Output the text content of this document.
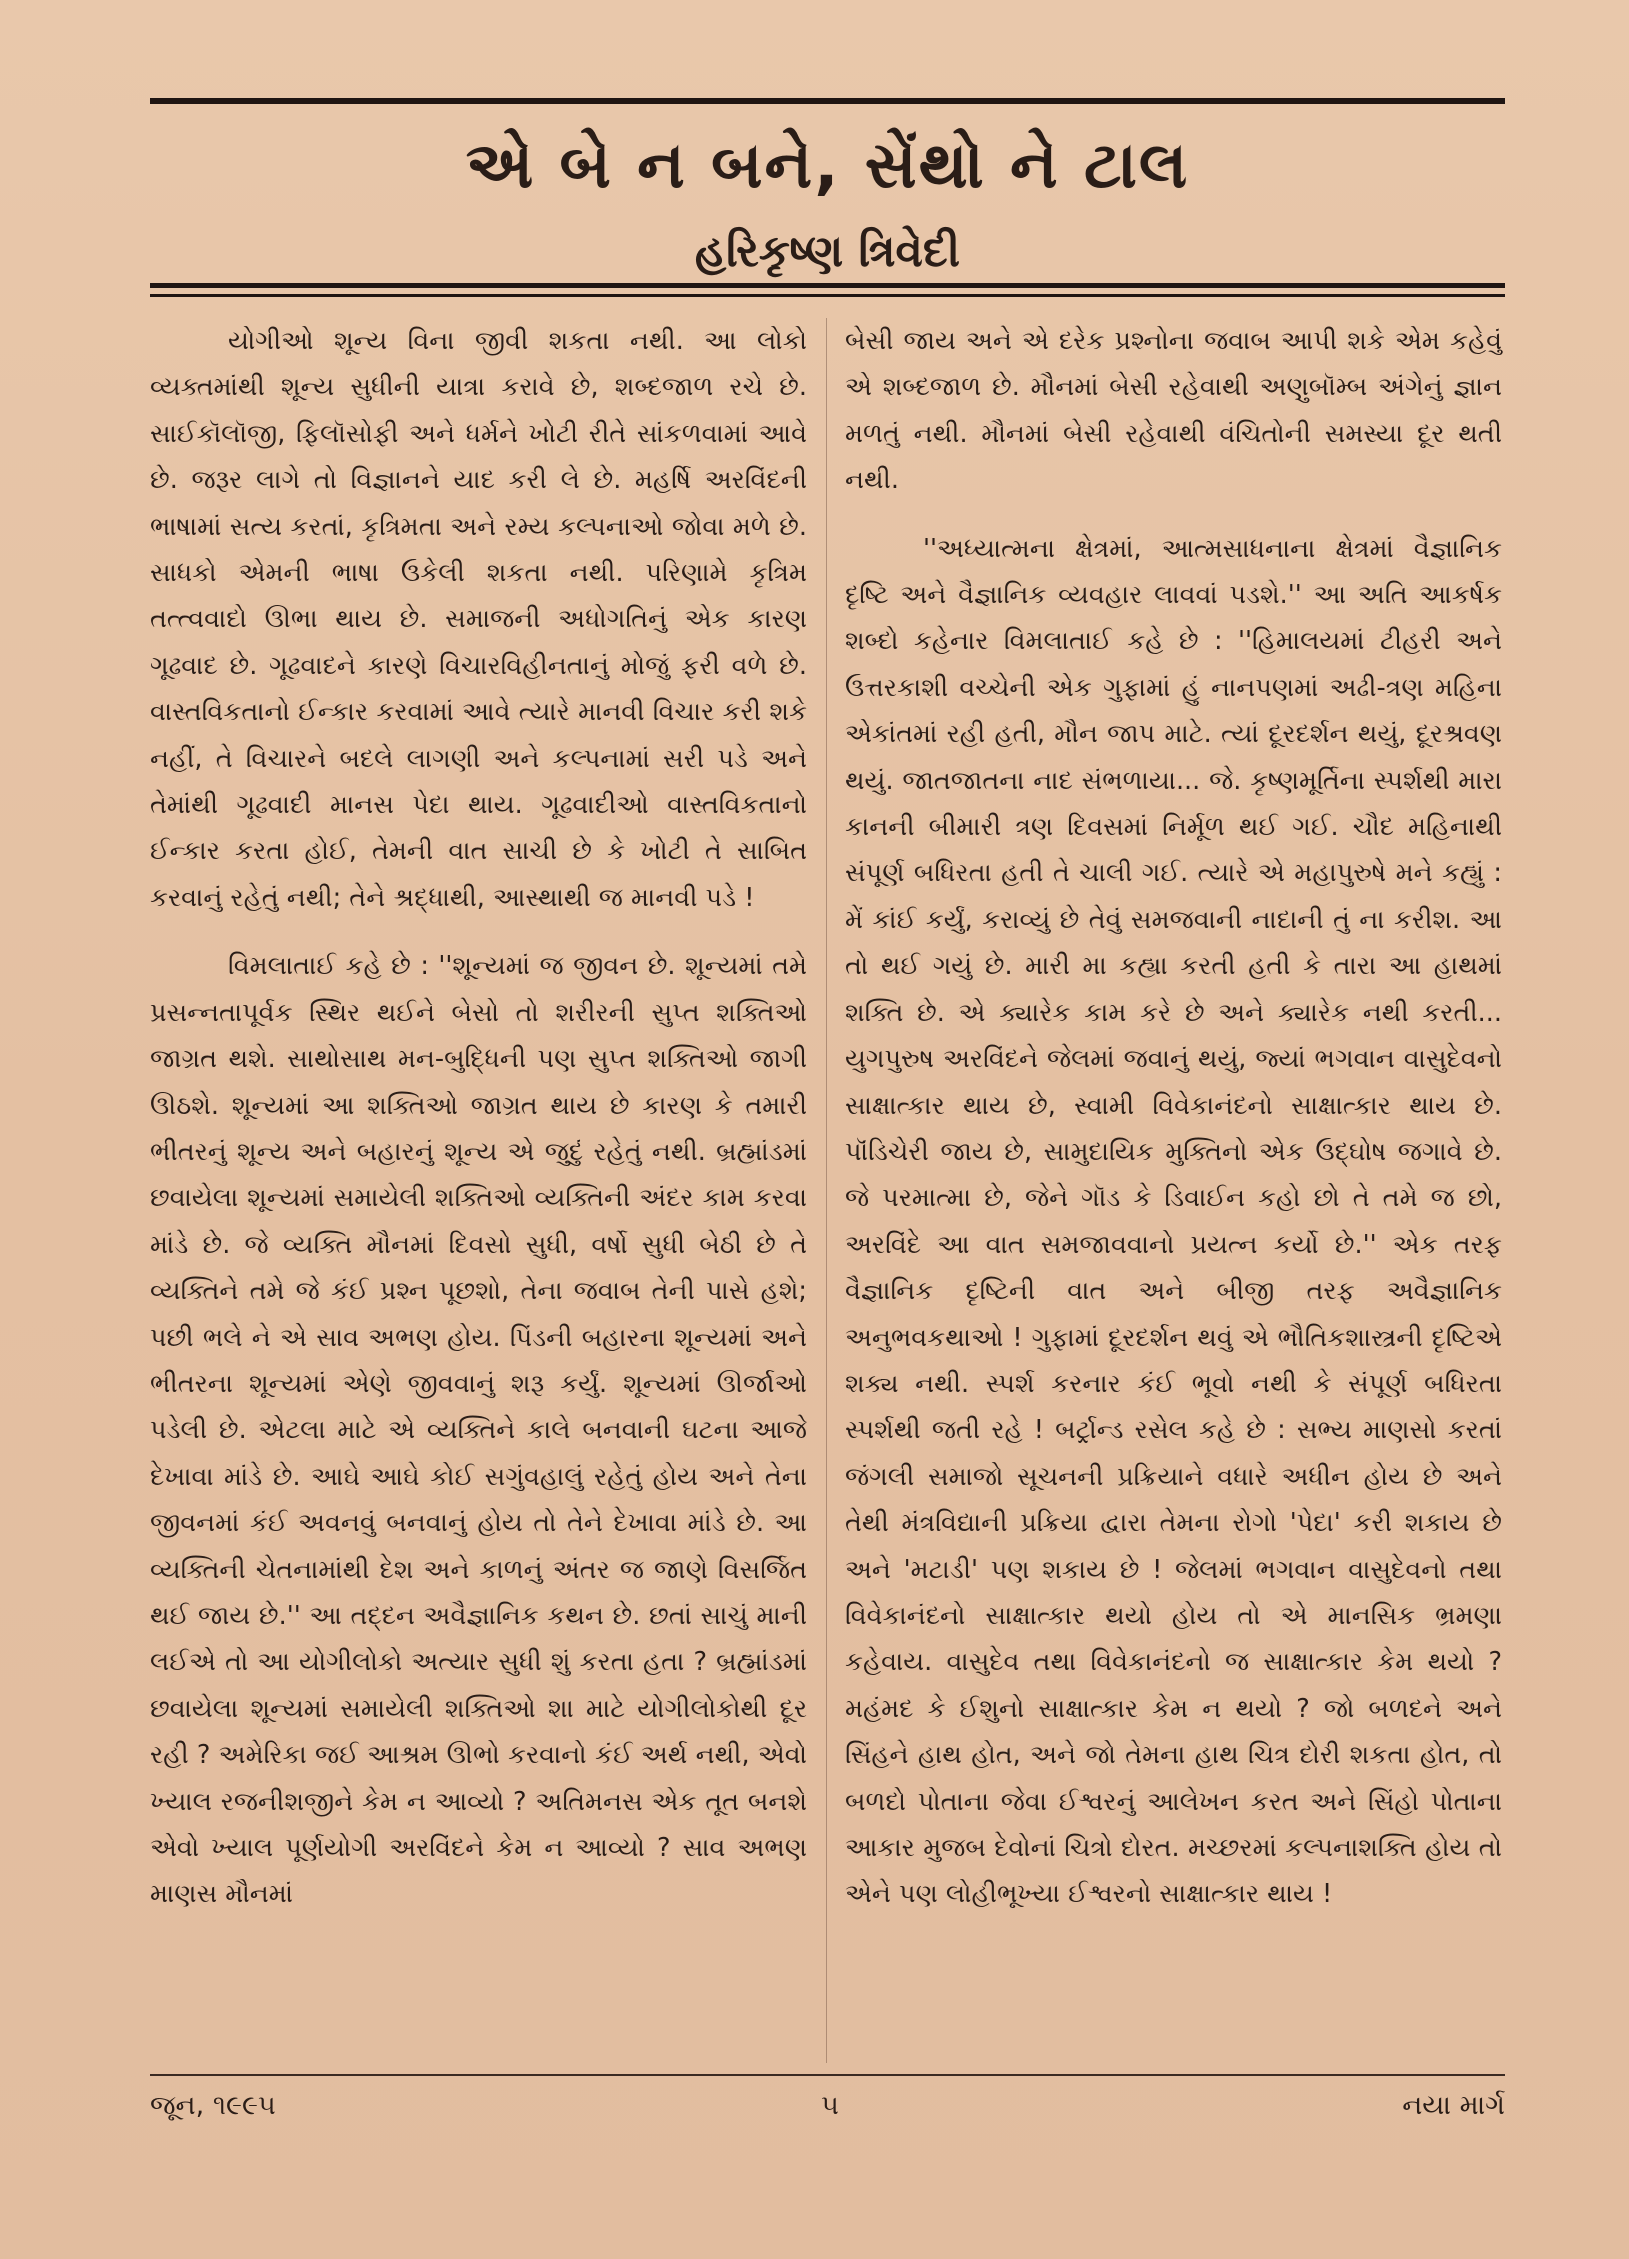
એ બે ન બને, સેંથો ને ટાલ
હરિકૃષ્ણ ત્રિવેદી

યોગીઓ શૂન્ય વિના જીવી શકતા નથી. આ લોકો વ્યક્તમાંથી શૂન્ય સુધીની યાત્રા કરાવે છે, શબ્દજાળ રચે છે. સાઈકૉલૉજી, ફિલૉસોફી અને ધર્મને ખોટી રીતે સાંકળવામાં આવે છે. જરૂર લાગે તો વિજ્ઞાનને યાદ કરી લે છે. મહર્ષિ અરવિંદની ભાષામાં સત્ય કરતાં, કૃત્રિમતા અને રમ્ય કલ્પનાઓ જોવા મળે છે. સાધકો એમની ભાષા ઉકેલી શકતા નથી. પરિણામે કૃત્રિમ તત્ત્વવાદો ઊભા થાય છે. સમાજની અધોગતિનું એક કારણ ગૂઢવાદ છે. ગૂઢવાદને કારણે વિચારવિહીનતાનું મોજું ફરી વળે છે. વાસ્તવિકતાનો ઈન્કાર કરવામાં આવે ત્યારે માનવી વિચાર કરી શકે નહીં, તે વિચારને બદલે લાગણી અને કલ્પનામાં સરી પડે અને તેમાંથી ગૂઢવાદી માનસ પેદા થાય. ગૂઢવાદીઓ વાસ્તવિકતાનો ઈન્કાર કરતા હોઈ, તેમની વાત સાચી છે કે ખોટી તે સાબિત કરવાનું રહેતું નથી; તેને શ્રદ્ધાથી, આસ્થાથી જ માનવી પડે !

વિમલાતાઈ કહે છે : ''શૂન્યમાં જ જીવન છે. શૂન્યમાં તમે પ્રસન્નતાપૂર્વક સ્થિર થઈને બેસો તો શરીરની સુપ્ત શક્તિઓ જાગ્રત થશે. સાથોસાથ મન-બુદ્ધિની પણ સુપ્ત શક્તિઓ જાગી ઊઠશે. શૂન્યમાં આ શક્તિઓ જાગ્રત થાય છે કારણ કે તમારી ભીતરનું શૂન્ય અને બહારનું શૂન્ય એ જુદું રહેતું નથી. બ્રહ્માંડમાં છવાયેલા શૂન્યમાં સમાયેલી શક્તિઓ વ્યક્તિની અંદર કામ કરવા માંડે છે. જે વ્યક્તિ મૌનમાં દિવસો સુધી, વર્ષો સુધી બેઠી છે તે વ્યક્તિને તમે જે કંઈ પ્રશ્ન પૂછશો, તેના જવાબ તેની પાસે હશે; પછી ભલે ને એ સાવ અભણ હોય. પિંડની બહારના શૂન્યમાં અને ભીતરના શૂન્યમાં એણે જીવવાનું શરૂ કર્યું. શૂન્યમાં ઊર્જાઓ પડેલી છે. એટલા માટે એ વ્યક્તિને કાલે બનવાની ઘટના આજે દેખાવા માંડે છે. આઘે આઘે કોઈ સગુંવહાલું રહેતું હોય અને તેના જીવનમાં કંઈ અવનવું બનવાનું હોય તો તેને દેખાવા માંડે છે. આ વ્યક્તિની ચેતનામાંથી દેશ અને કાળનું અંતર જ જાણે વિસર્જિત થઈ જાય છે.'' આ તદ્દન અવૈજ્ઞાનિક કથન છે. છતાં સાચું માની લઈએ તો આ યોગીલોકો અત્યાર સુધી શું કરતા હતા ? બ્રહ્માંડમાં છવાયેલા શૂન્યમાં સમાયેલી શક્તિઓ શા માટે યોગીલોકોથી દૂર રહી ? અમેરિકા જઈ આશ્રમ ઊભો કરવાનો કંઈ અર્થ નથી, એવો ખ્યાલ રજનીશજીને કેમ ન આવ્યો ? અતિમનસ એક તૂત બનશે એવો ખ્યાલ પૂર્ણયોગી અરવિંદને કેમ ન આવ્યો ? સાવ અભણ માણસ મૌનમાં

બેસી જાય અને એ દરેક પ્રશ્નોના જવાબ આપી શકે એમ કહેવું એ શબ્દજાળ છે. મૌનમાં બેસી રહેવાથી અણુબૉમ્બ અંગેનું જ્ઞાન મળતું નથી. મૌનમાં બેસી રહેવાથી વંચિતોની સમસ્યા દૂર થતી નથી.

''અધ્યાત્મના ક્ષેત્રમાં, આત્મસાધનાના ક્ષેત્રમાં વૈજ્ઞાનિક દૃષ્ટિ અને વૈજ્ઞાનિક વ્યવહાર લાવવાં પડશે.'' આ અતિ આકર્ષક શબ્દો કહેનાર વિમલાતાઈ કહે છે : ''હિમાલયમાં ટીહરી અને ઉત્તરકાશી વચ્ચેની એક ગુફામાં હું નાનપણમાં અઢી-ત્રણ મહિના એકાંતમાં રહી હતી, મૌન જાપ માટે. ત્યાં દૂરદર્શન થયું, દૂરશ્રવણ થયું. જાતજાતના નાદ સંભળાયા... જે. કૃષ્ણમૂર્તિના સ્પર્શથી મારા કાનની બીમારી ત્રણ દિવસમાં નિર્મૂળ થઈ ગઈ. ચૌદ મહિનાથી સંપૂર્ણ બધિરતા હતી તે ચાલી ગઈ. ત્યારે એ મહાપુરુષે મને કહ્યું : મેં કાંઈ કર્યું, કરાવ્યું છે તેવું સમજવાની નાદાની તું ના કરીશ. આ તો થઈ ગયું છે. મારી મા કહ્યા કરતી હતી કે તારા આ હાથમાં શક્તિ છે. એ ક્યારેક કામ કરે છે અને ક્યારેક નથી કરતી... યુગપુરુષ અરવિંદને જેલમાં જવાનું થયું, જ્યાં ભગવાન વાસુદેવનો સાક્ષાત્કાર થાય છે, સ્વામી વિવેકાનંદનો સાક્ષાત્કાર થાય છે. પૉંડિચેરી જાય છે, સામુદાયિક મુક્તિનો એક ઉદ્‌ઘોષ જગાવે છે. જે પરમાત્મા છે, જેને ગૉડ કે ડિવાઈન કહો છો તે તમે જ છો, અરવિંદે આ વાત સમજાવવાનો પ્રયત્ન કર્યો છે.'' એક તરફ વૈજ્ઞાનિક દૃષ્ટિની વાત અને બીજી તરફ અવૈજ્ઞાનિક અનુભવકથાઓ ! ગુફામાં દૂરદર્શન થવું એ ભૌતિકશાસ્ત્રની દૃષ્ટિએ શક્ય નથી. સ્પર્શ કરનાર કંઈ ભૂવો નથી કે સંપૂર્ણ બધિરતા સ્પર્શથી જતી રહે ! બર્ટ્રાન્ડ રસેલ કહે છે : સભ્ય માણસો કરતાં જંગલી સમાજો સૂચનની પ્રક્રિયાને વધારે અધીન હોય છે અને તેથી મંત્રવિદ્યાની પ્રક્રિયા દ્વારા તેમના રોગો 'પેદા' કરી શકાય છે અને 'મટાડી' પણ શકાય છે ! જેલમાં ભગવાન વાસુદેવનો તથા વિવેકાનંદનો સાક્ષાત્કાર થયો હોય તો એ માનસિક ભ્રમણા કહેવાય. વાસુદેવ તથા વિવેકાનંદનો જ સાક્ષાત્કાર કેમ થયો ? મહંમદ કે ઈશુનો સાક્ષાત્કાર કેમ ન થયો ? જો બળદને અને સિંહને હાથ હોત, અને જો તેમના હાથ ચિત્ર દોરી શકતા હોત, તો બળદો પોતાના જેવા ઈશ્વરનું આલેખન કરત અને સિંહો પોતાના આકાર મુજબ દેવોનાં ચિત્રો દોરત. મચ્છરમાં કલ્પનાશક્તિ હોય તો એને પણ લોહીભૂખ્યા ઈશ્વરનો સાક્ષાત્કાર થાય !

જૂન, ૧૯૯૫	૫	નયા માર્ગ
